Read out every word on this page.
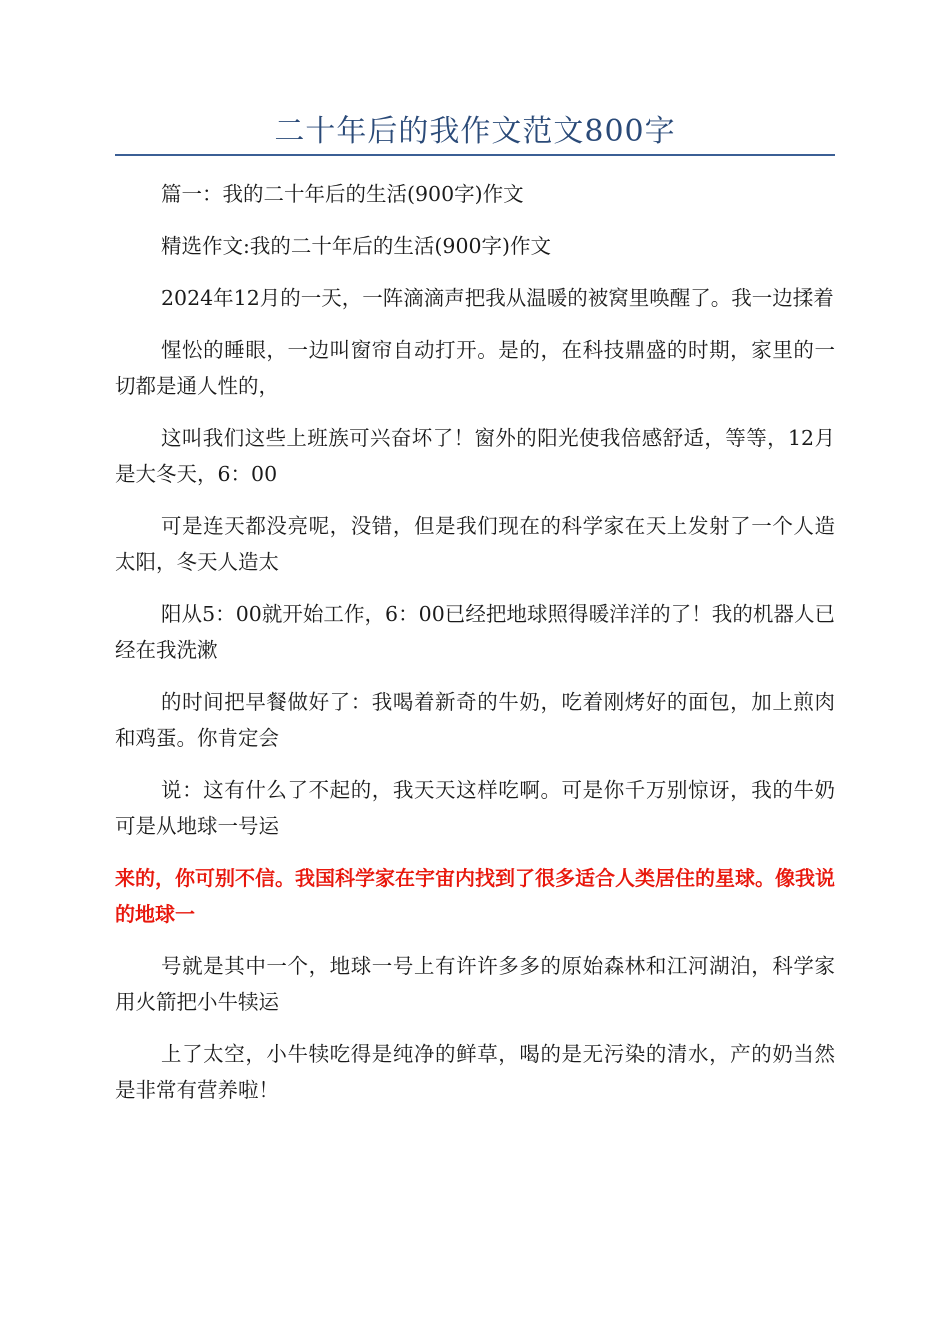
二十年后的我作文范文800字

篇一：我的二十年后的生活(900字)作文

精选作文:我的二十年后的生活(900字)作文

2024年12月的一天，一阵滴滴声把我从温暖的被窝里唤醒了。我一边揉着

惺忪的睡眼，一边叫窗帘自动打开。是的，在科技鼎盛的时期，家里的一切都是通人性的，

这叫我们这些上班族可兴奋坏了！窗外的阳光使我倍感舒适，等等，12月是大冬天，6：00

可是连天都没亮呢，没错，但是我们现在的科学家在天上发射了一个人造太阳，冬天人造太

阳从5：00就开始工作，6：00已经把地球照得暖洋洋的了！我的机器人已经在我洗漱

的时间把早餐做好了：我喝着新奇的牛奶，吃着刚烤好的面包，加上煎肉和鸡蛋。你肯定会

说：这有什么了不起的，我天天这样吃啊。可是你千万别惊讶，我的牛奶可是从地球一号运

来的，你可别不信。我国科学家在宇宙内找到了很多适合人类居住的星球。像我说的地球一

号就是其中一个，地球一号上有许许多多的原始森林和江河湖泊，科学家用火箭把小牛犊运

上了太空，小牛犊吃得是纯净的鲜草，喝的是无污染的清水，产的奶当然是非常有营养啦！
